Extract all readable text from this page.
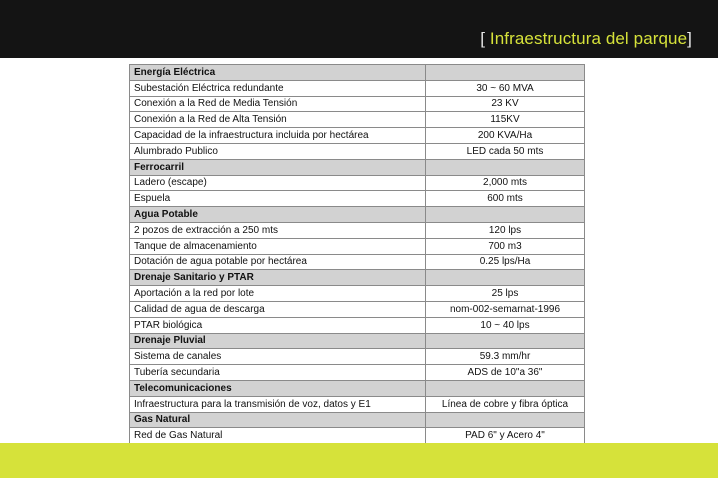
[ Infraestructura del parque]
Energía Eléctrica	
Subestación Eléctrica redundante	30 ~ 60 MVA
Conexión a la Red de Media Tensión	23 KV
Conexión a la Red de Alta Tensión	115KV
Capacidad de la infraestructura incluida por hectárea	200 KVA/Ha
Alumbrado Publico	LED cada 50 mts
Ferrocarril	
Ladero (escape)	2,000 mts
Espuela	600 mts
Agua Potable	
2 pozos de extracción a 250 mts	120 lps
Tanque de almacenamiento	700 m3
Dotación de agua potable por hectárea	0.25 lps/Ha
Drenaje Sanitario y PTAR	
Aportación a la red por lote	25 lps
Calidad de agua de descarga	nom-002-semarnat-1996
PTAR biológica	10 ~ 40 lps
Drenaje Pluvial	
Sistema de canales	59.3 mm/hr
Tubería secundaria	ADS de 10"a 36"
Telecomunicaciones	
Infraestructura para la transmisión de voz, datos y E1	Línea de cobre y fibra óptica
Gas Natural	
Red de Gas Natural	PAD 6" y Acero 4"
